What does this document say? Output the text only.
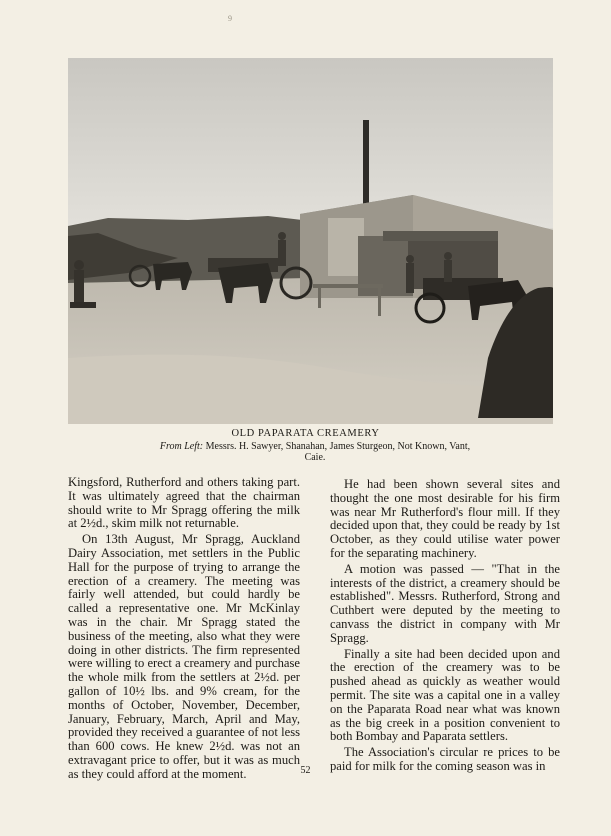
9
OLD PAPARATA CREAMERY
From Left: Messrs. H. Sawyer, Shanahan, James Sturgeon, Not Known, Vant, Caie.

Kingsford, Rutherford and others taking part. It was ultimately agreed that the chairman should write to Mr Spragg offering the milk at 2½d., skim milk not returnable.

On 13th August, Mr Spragg, Auckland Dairy Association, met settlers in the Public Hall for the purpose of trying to arrange the erection of a creamery. The meeting was fairly well attended, but could hardly be called a representative one. Mr McKinlay was in the chair. Mr Spragg stated the business of the meeting, also what they were doing in other districts. The firm represented were willing to erect a creamery and purchase the whole milk from the settlers at 2½d. per gallon of 10½ lbs. and 9% cream, for the months of October, November, December, January, February, March, April and May, provided they received a guarantee of not less than 600 cows. He knew 2½d. was not an extravagant price to offer, but it was as much as they could afford at the moment.

He had been shown several sites and thought the one most desirable for his firm was near Mr Rutherford's flour mill. If they decided upon that, they could be ready by 1st October, as they could utilise water power for the separating machinery.

A motion was passed — "That in the interests of the district, a creamery should be established". Messrs. Rutherford, Strong and Cuthbert were deputed by the meeting to canvass the district in company with Mr Spragg.

Finally a site had been decided upon and the erection of the creamery was to be pushed ahead as quickly as weather would permit. The site was a capital one in a valley on the Paparata Road near what was known as the big creek in a position convenient to both Bombay and Paparata settlers.

The Association's circular re prices to be paid for milk for the coming season was in

52
